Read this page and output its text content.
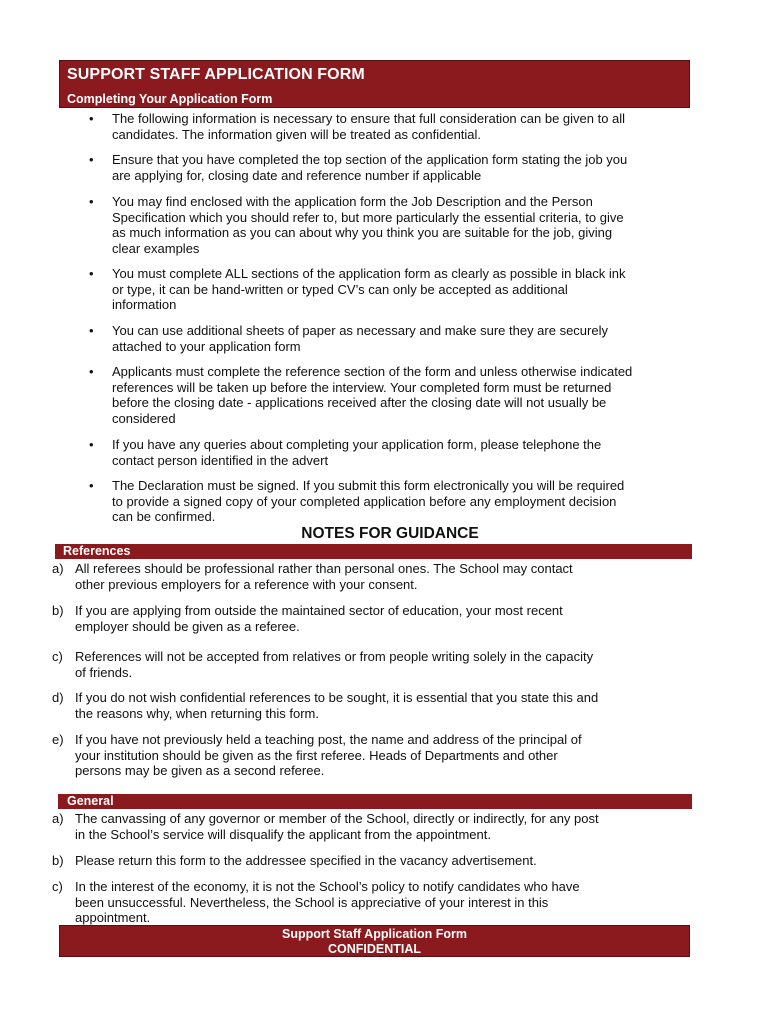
SUPPORT STAFF APPLICATION FORM
Completing Your Application Form
• The following information is necessary to ensure that full consideration can be given to all
candidates. The information given will be treated as confidential.
• Ensure that you have completed the top section of the application form stating the job you
are applying for, closing date and reference number if applicable
• You may find enclosed with the application form the Job Description and the Person
Specification which you should refer to, but more particularly the essential criteria, to give
as much information as you can about why you think you are suitable for the job, giving
clear examples
• You must complete ALL sections of the application form as clearly as possible in black ink
or type, it can be hand-written or typed CV’s can only be accepted as additional
information
• You can use additional sheets of paper as necessary and make sure they are securely
attached to your application form
• Applicants must complete the reference section of the form and unless otherwise indicated
references will be taken up before the interview. Your completed form must be returned
before the closing date - applications received after the closing date will not usually be
considered
• If you have any queries about completing your application form, please telephone the
contact person identified in the advert
• The Declaration must be signed. If you submit this form electronically you will be required
to provide a signed copy of your completed application before any employment decision
can be confirmed.
NOTES FOR GUIDANCE
References
a) All referees should be professional rather than personal ones. The School may contact
other previous employers for a reference with your consent.
b) If you are applying from outside the maintained sector of education, your most recent
employer should be given as a referee.
c) References will not be accepted from relatives or from people writing solely in the capacity
of friends.
d) If you do not wish confidential references to be sought, it is essential that you state this and
the reasons why, when returning this form.
e) If you have not previously held a teaching post, the name and address of the principal of
your institution should be given as the first referee. Heads of Departments and other
persons may be given as a second referee.
General
a) The canvassing of any governor or member of the School, directly or indirectly, for any post
in the School’s service will disqualify the applicant from the appointment.
b) Please return this form to the addressee specified in the vacancy advertisement.
c) In the interest of the economy, it is not the School’s policy to notify candidates who have
been unsuccessful. Nevertheless, the School is appreciative of your interest in this
appointment.
Support Staff Application Form
CONFIDENTIAL
